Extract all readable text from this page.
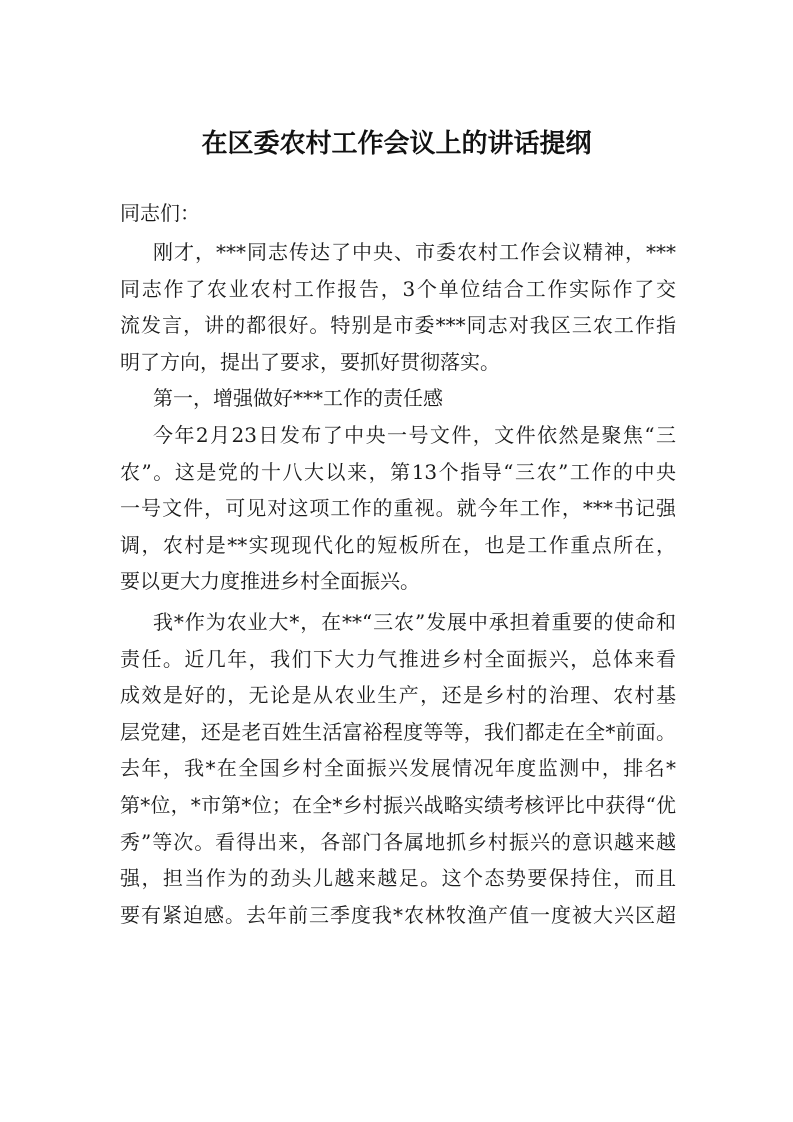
在区委农村工作会议上的讲话提纲
同志们：
刚才，***同志传达了中央、市委农村工作会议精神，***
同志作了农业农村工作报告，3个单位结合工作实际作了交
流发言，讲的都很好。特别是市委***同志对我区三农工作指
明了方向，提出了要求，要抓好贯彻落实。
第一，增强做好***工作的责任感
今年2月23日发布了中央一号文件，文件依然是聚焦“三
农”。这是党的十八大以来，第13个指导“三农”工作的中央
一号文件，可见对这项工作的重视。就今年工作，***书记强
调，农村是**实现现代化的短板所在，也是工作重点所在，
要以更大力度推进乡村全面振兴。
我*作为农业大*，在**“三农”发展中承担着重要的使命和
责任。近几年，我们下大力气推进乡村全面振兴，总体来看
成效是好的，无论是从农业生产，还是乡村的治理、农村基
层党建，还是老百姓生活富裕程度等等，我们都走在全*前面。
去年，我*在全国乡村全面振兴发展情况年度监测中，排名*
第*位，*市第*位；在全*乡村振兴战略实绩考核评比中获得“优
秀”等次。看得出来，各部门各属地抓乡村振兴的意识越来越
强，担当作为的劲头儿越来越足。这个态势要保持住，而且
要有紧迫感。去年前三季度我*农林牧渔产值一度被大兴区超
